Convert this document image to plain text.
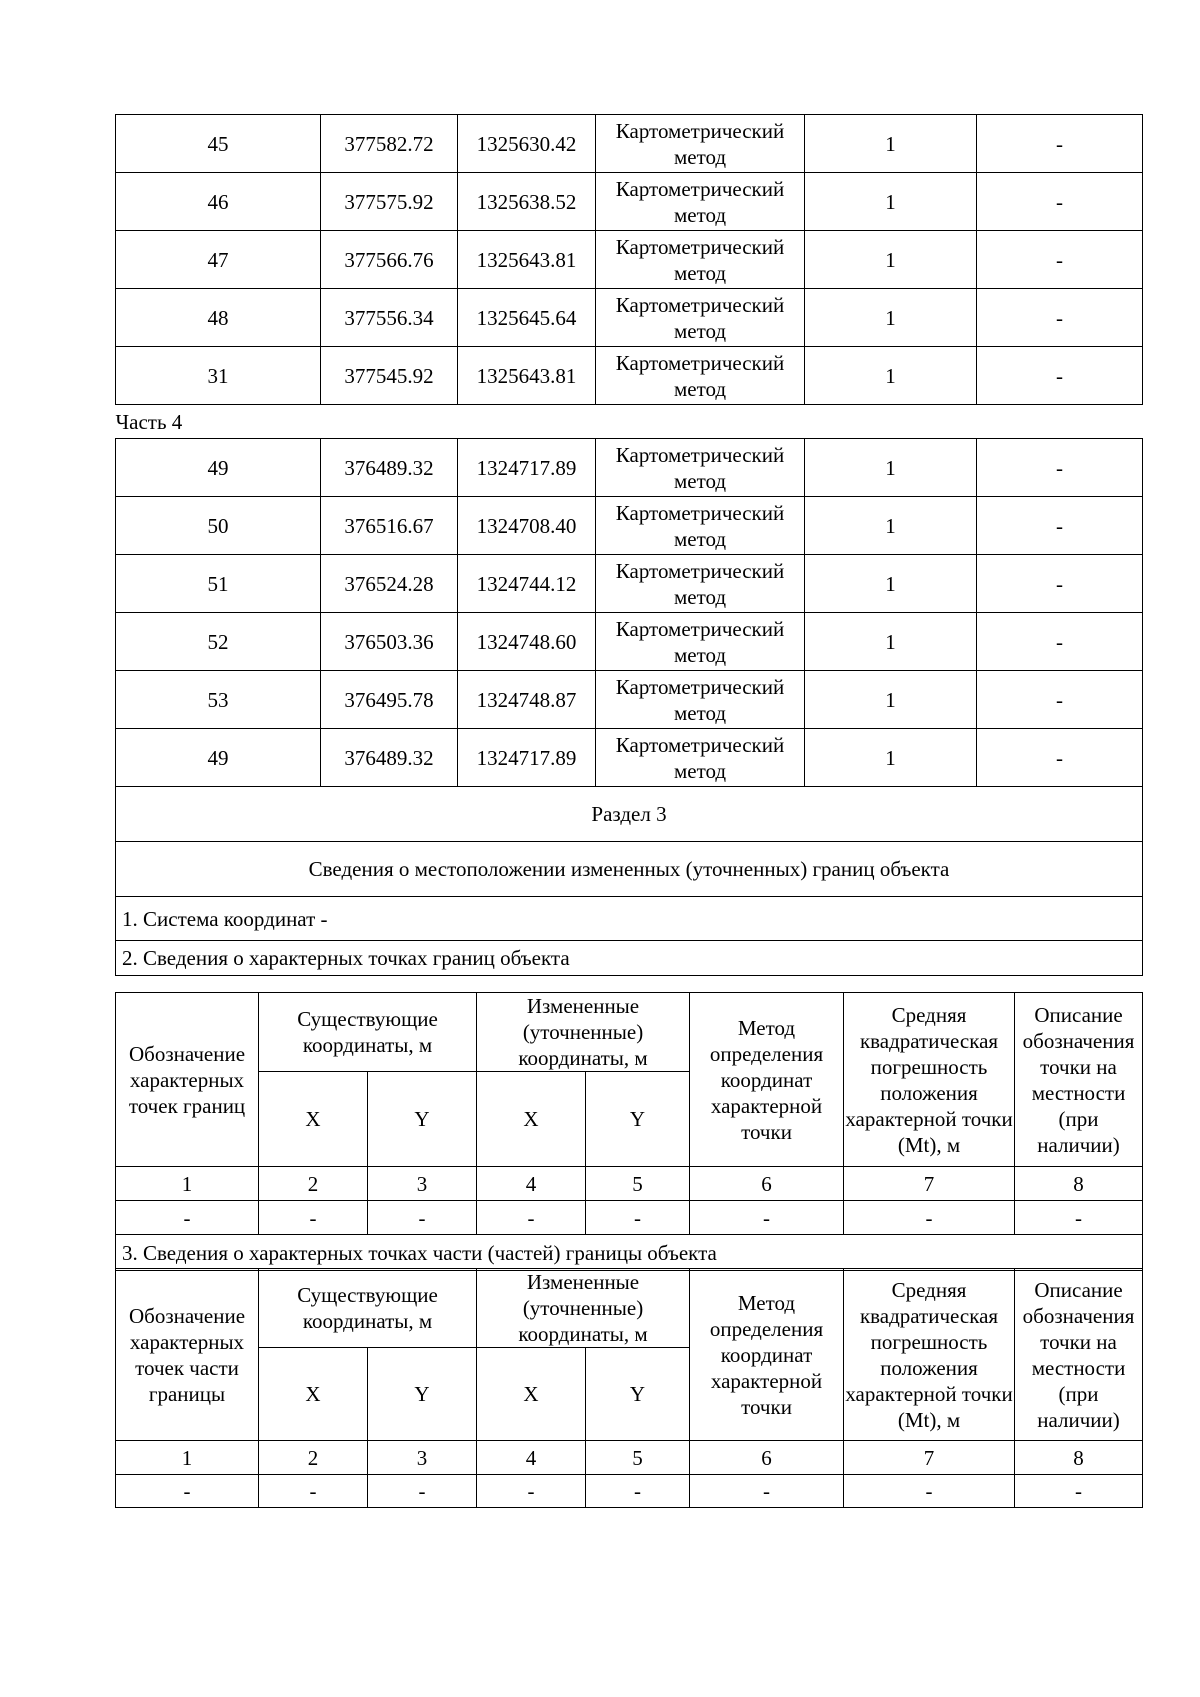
45	377582.72	1325630.42	Картометрический метод	1	-
46	377575.92	1325638.52	Картометрический метод	1	-
47	377566.76	1325643.81	Картометрический метод	1	-
48	377556.34	1325645.64	Картометрический метод	1	-
31	377545.92	1325643.81	Картометрический метод	1	-
Часть 4					
49	376489.32	1324717.89	Картометрический метод	1	-
50	376516.67	1324708.40	Картометрический метод	1	-
51	376524.28	1324744.12	Картометрический метод	1	-
52	376503.36	1324748.60	Картометрический метод	1	-
53	376495.78	1324748.87	Картометрический метод	1	-
49	376489.32	1324717.89	Картометрический метод	1	-
Раздел 3					
Сведения о местоположении измененных (уточненных) границ объекта					
1. Система координат -					
2. Сведения о характерных точках границ объекта					
Обозначение характерных точек границ	Существующие координаты, м		Измененные (уточненные) координаты, м		Метод определения координат характерной точки	Средняя квадратическая погрешность положения характерной точки (Mt), м	Описание обозначения точки на местности (при наличии)
	X	Y	X	Y			
1	2	3	4	5	6	7	8
-	-	-	-	-	-	-	-
3. Сведения о характерных точках части (частей) границы объекта							
Обозначение характерных точек части границы	Существующие координаты, м		Измененные (уточненные) координаты, м		Метод определения координат характерной точки	Средняя квадратическая погрешность положения характерной точки (Mt), м	Описание обозначения точки на местности (при наличии)
	X	Y	X	Y			
1	2	3	4	5	6	7	8
-	-	-	-	-	-	-	-
